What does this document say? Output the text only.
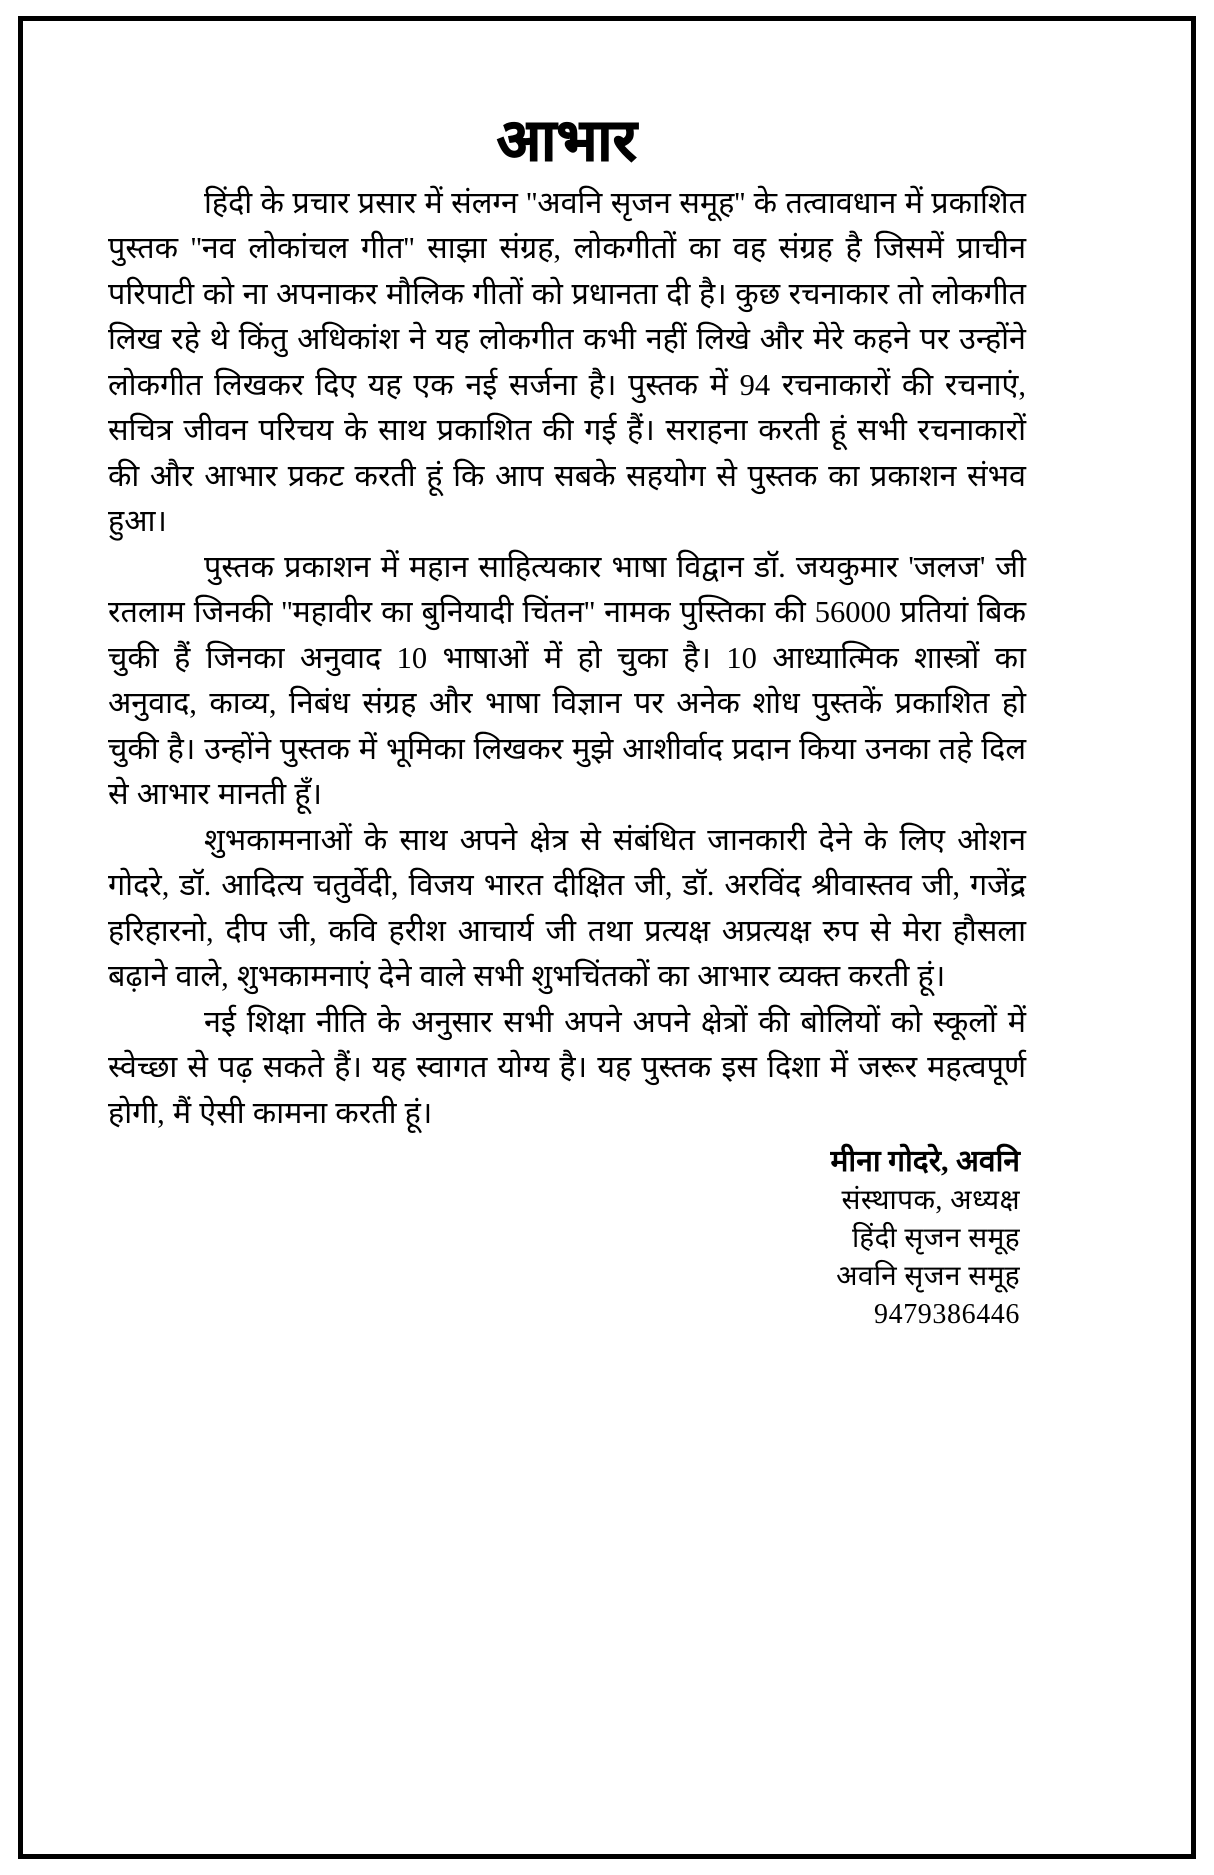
आभार

हिंदी के प्रचार प्रसार में संलग्न ''अवनि सृजन समूह'' के तत्वावधान में प्रकाशित पुस्तक ''नव लोकांचल गीत'' साझा संग्रह, लोकगीतों का वह संग्रह है जिसमें प्राचीन परिपाटी को ना अपनाकर मौलिक गीतों को प्रधानता दी है। कुछ रचनाकार तो लोकगीत लिख रहे थे किंतु अधिकांश ने यह लोकगीत कभी नहीं लिखे और मेरे कहने पर उन्होंने लोकगीत लिखकर दिए यह एक नई सर्जना है। पुस्तक में 94 रचनाकारों की रचनाएं, सचित्र जीवन परिचय के साथ प्रकाशित की गई हैं। सराहना करती हूं सभी रचनाकारों की और आभार प्रकट करती हूं कि आप सबके सहयोग से पुस्तक का प्रकाशन संभव हुआ।

पुस्तक प्रकाशन में महान साहित्यकार भाषा विद्वान डॉ. जयकुमार 'जलज' जी रतलाम जिनकी ''महावीर का बुनियादी चिंतन'' नामक पुस्तिका की 56000 प्रतियां बिक चुकी हैं जिनका अनुवाद 10 भाषाओं में हो चुका है। 10 आध्यात्मिक शास्त्रों का अनुवाद, काव्य, निबंध संग्रह और भाषा विज्ञान पर अनेक शोध पुस्तकें प्रकाशित हो चुकी है। उन्होंने पुस्तक में भूमिका लिखकर मुझे आशीर्वाद प्रदान किया उनका तहे दिल से आभार मानती हूँ।

शुभकामनाओं के साथ अपने क्षेत्र से संबंधित जानकारी देने के लिए ओशन गोदरे, डॉ. आदित्य चतुर्वेदी, विजय भारत दीक्षित जी, डॉ. अरविंद श्रीवास्तव जी, गजेंद्र हरिहारनो, दीप जी, कवि हरीश आचार्य जी तथा प्रत्यक्ष अप्रत्यक्ष रुप से मेरा हौसला बढ़ाने वाले, शुभकामनाएं देने वाले सभी शुभचिंतकों का आभार व्यक्त करती हूं।

नई शिक्षा नीति के अनुसार सभी अपने अपने क्षेत्रों की बोलियों को स्कूलों में स्वेच्छा से पढ़ सकते हैं। यह स्वागत योग्य है। यह पुस्तक इस दिशा में जरूर महत्वपूर्ण होगी, मैं ऐसी कामना करती हूं।

मीना गोदरे, अवनि
संस्थापक, अध्यक्ष
हिंदी सृजन समूह
अवनि सृजन समूह
9479386446
